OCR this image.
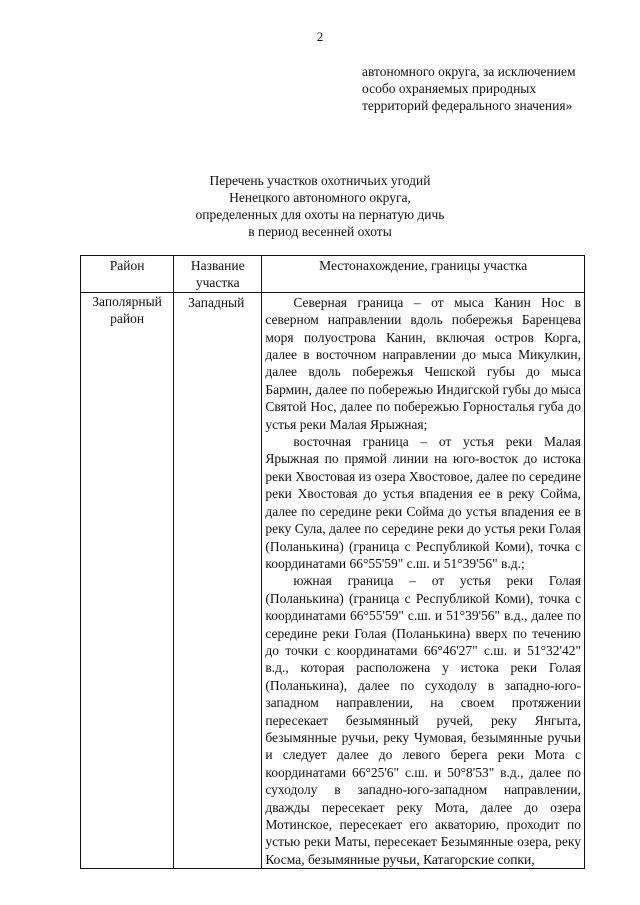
2
автономного округа, за исключением
особо охраняемых природных
территорий федерального значения»
Перечень участков охотничьих угодий
Ненецкого автономного округа,
определенных для охоты на пернатую дичь
в период весенней охоты
Район	Название участка	Местонахождение, границы участка
Заполярный район	Западный	Северная граница – от мыса Канин Нос в северном направлении вдоль побережья Баренцева моря полуострова Канин, включая остров Корга, далее в восточном направлении до мыса Микулкин, далее вдоль побережья Чешской губы до мыса Бармин, далее по побережью Индигской губы до мыса Святой Нос, далее по побережью Горносталья губа до устья реки Малая Ярыжная;

восточная граница – от устья реки Малая Ярыжная по прямой линии на юго-восток до истока реки Хвостовая из озера Хвостовое, далее по середине реки Хвостовая до устья впадения ее в реку Сойма, далее по середине реки Сойма до устья впадения ее в реку Сула, далее по середине реки до устья реки Голая (Поланькина) (граница с Республикой Коми), точка с координатами 66°55'59" с.ш. и 51°39'56" в.д.;

южная граница – от устья реки Голая (Поланькина) (граница с Республикой Коми), точка с координатами 66°55'59" с.ш. и 51°39'56" в.д., далее по середине реки Голая (Поланькина) вверх по течению до точки с координатами 66°46'27" с.ш. и 51°32'42" в.д., которая расположена у истока реки Голая (Поланькина), далее по суходолу в западно-юго-западном направлении, на своем протяжении пересекает безымянный ручей, реку Янгыта, безымянные ручьи, реку Чумовая, безымянные ручьи и следует далее до левого берега реки Мота с координатами 66°25'6" с.ш. и 50°8'53" в.д., далее по суходолу в западно-юго-западном направлении, дважды пересекает реку Мота, далее до озера Мотинское, пересекает его акваторию, проходит по устью реки Маты, пересекает Безымянные озера, реку Косма, безымянные ручьи, Катагорские сопки,
